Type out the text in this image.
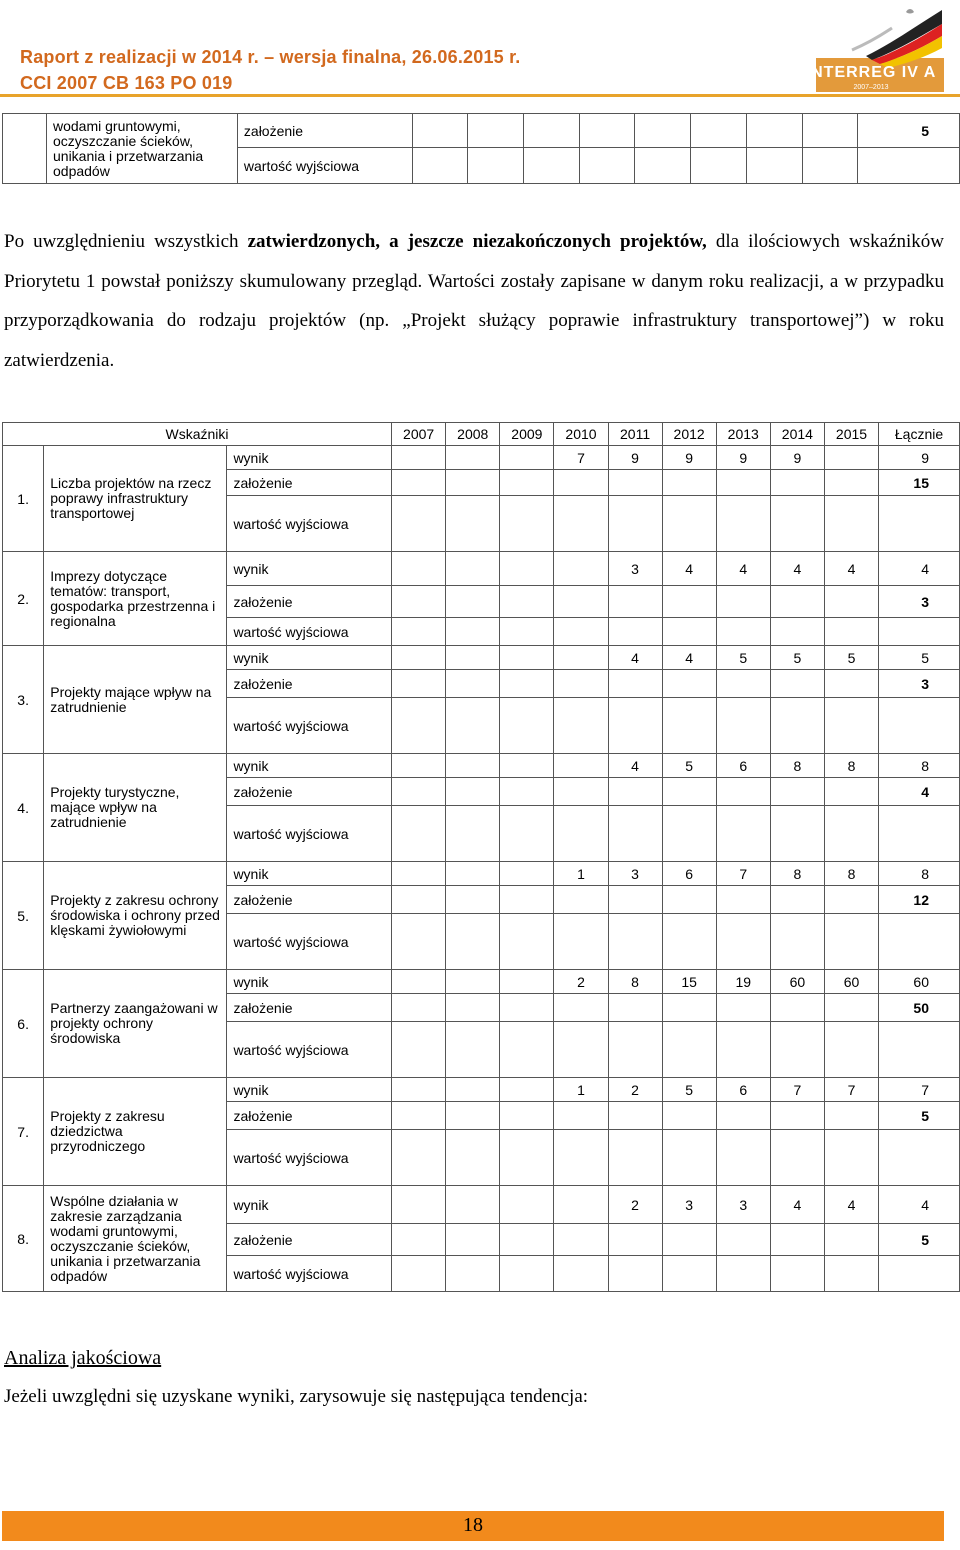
Raport z realizacji w 2014 r. – wersja finalna, 26.06.2015 r.
CCI 2007 CB 163 PO 019
INTERREG IV A
2007–2013
	wodami gruntowymi, oczyszczanie ścieków, unikania i przetwarzania odpadów	założenie									5
		wartość wyjściowa									
Po uwzględnieniu wszystkich zatwierdzonych, a jeszcze niezakończonych projektów, dla ilościowych wskaźników Priorytetu 1 powstał poniższy skumulowany przegląd. Wartości zostały zapisane w danym roku realizacji, a w przypadku przyporządkowania do rodzaju projektów (np. „Projekt służący poprawie infrastruktury transportowej”) w roku zatwierdzenia.
Wskaźniki			2007	2008	2009	2010	2011	2012	2013	2014	2015	Łącznie
1.	Liczba projektów na rzecz poprawy infrastruktury transportowej	wynik				7	9	9	9	9		9
		założenie										15
		wartość wyjściowa										
2.	Imprezy dotyczące tematów: transport, gospodarka przestrzenna i regionalna	wynik					3	4	4	4	4	4
		założenie										3
		wartość wyjściowa										
3.	Projekty mające wpływ na zatrudnienie	wynik					4	4	5	5	5	5
		założenie										3
		wartość wyjściowa										
4.	Projekty turystyczne, mające wpływ na zatrudnienie	wynik					4	5	6	8	8	8
		założenie										4
		wartość wyjściowa										
5.	Projekty z zakresu ochrony środowiska i ochrony przed klęskami żywiołowymi	wynik				1	3	6	7	8	8	8
		założenie										12
		wartość wyjściowa										
6.	Partnerzy zaangażowani w projekty ochrony środowiska	wynik				2	8	15	19	60	60	60
		założenie										50
		wartość wyjściowa										
7.	Projekty z zakresu dziedzictwa przyrodniczego	wynik				1	2	5	6	7	7	7
		założenie										5
		wartość wyjściowa										
8.	Wspólne działania w zakresie zarządzania wodami gruntowymi, oczyszczanie ścieków, unikania i przetwarzania odpadów	wynik					2	3	3	4	4	4
		założenie										5
		wartość wyjściowa										
Analiza jakościowa
Jeżeli uwzględni się uzyskane wyniki, zarysowuje się następująca tendencja:
18
